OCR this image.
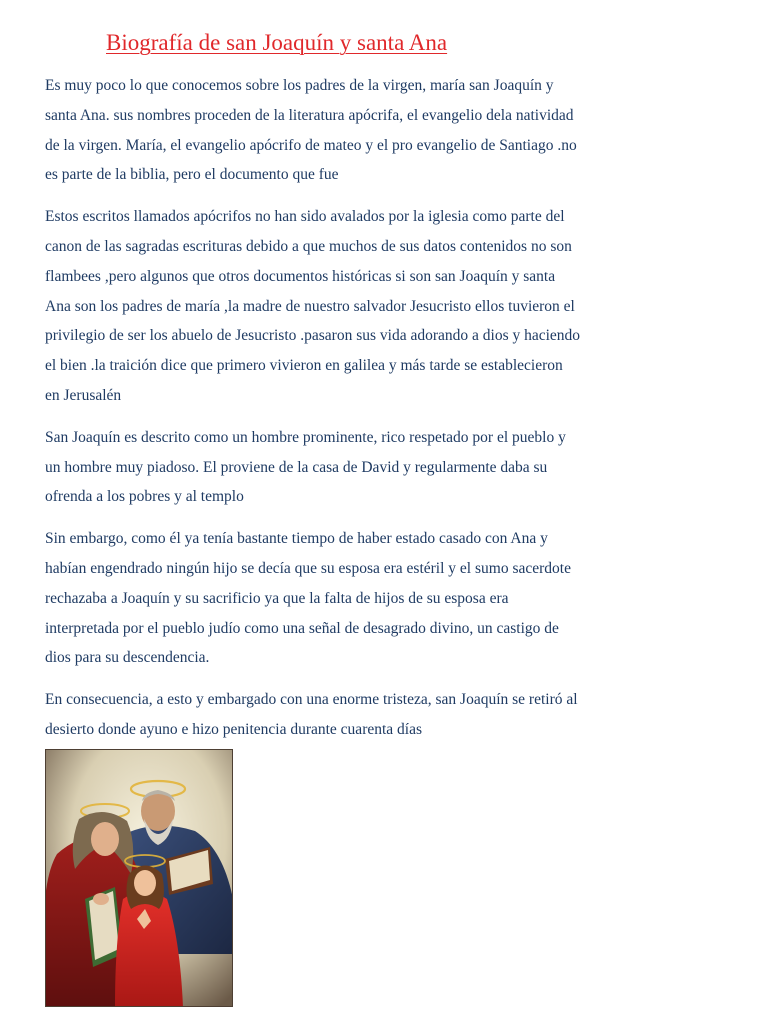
Biografía de san Joaquín y santa Ana

Es muy poco lo que conocemos sobre los padres de la virgen, maría san Joaquín y
santa Ana. sus nombres proceden de la literatura apócrifa, el evangelio dela natividad
de la virgen. María, el evangelio apócrifo de mateo y el pro evangelio de Santiago .no
es parte de la biblia, pero el documento que fue

Estos escritos llamados apócrifos no han sido avalados por la iglesia como parte del
canon de las sagradas escrituras debido a que muchos de sus datos contenidos no son
flambees ,pero algunos que otros documentos históricas si son san Joaquín y santa
Ana son los padres de maría ,la madre de nuestro salvador Jesucristo ellos tuvieron el
privilegio de ser los abuelo de Jesucristo .pasaron sus vida adorando a dios y haciendo
el bien .la traición dice que primero vivieron en galilea y más tarde se establecieron
en Jerusalén

San Joaquín es descrito como un hombre prominente, rico respetado por el pueblo y
un hombre muy piadoso. El proviene de la casa de David y regularmente daba su
ofrenda a los pobres y al templo

Sin embargo, como él ya tenía bastante tiempo de haber estado casado con Ana y
habían engendrado ningún hijo se decía que su esposa era estéril y el sumo sacerdote
rechazaba a Joaquín y su sacrificio ya que la falta de hijos de su esposa era
interpretada por el pueblo judío como una señal de desagrado divino, un castigo de
dios para su descendencia.

En consecuencia, a esto y embargado con una enorme tristeza, san Joaquín se retiró al
desierto donde ayuno e hizo penitencia durante cuarenta días
